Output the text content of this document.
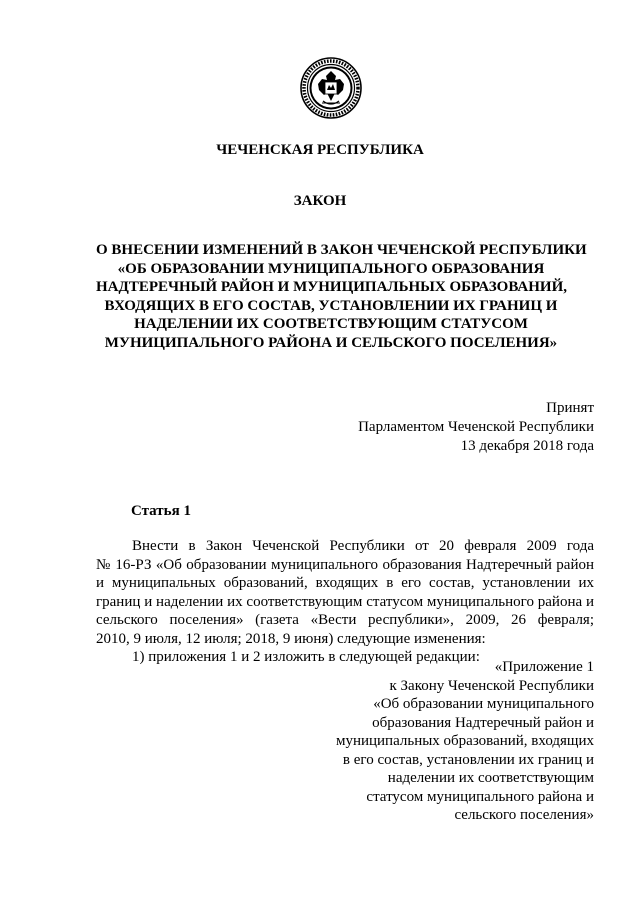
ЧЕЧЕНСКАЯ РЕСПУБЛИКА
ЗАКОН
О ВНЕСЕНИИ ИЗМЕНЕНИЙ В ЗАКОН ЧЕЧЕНСКОЙ РЕСПУБЛИКИ
«ОБ ОБРАЗОВАНИИ МУНИЦИПАЛЬНОГО ОБРАЗОВАНИЯ
НАДТЕРЕЧНЫЙ РАЙОН И МУНИЦИПАЛЬНЫХ ОБРАЗОВАНИЙ,
ВХОДЯЩИХ В ЕГО СОСТАВ, УСТАНОВЛЕНИИ ИХ ГРАНИЦ И
НАДЕЛЕНИИ ИХ СООТВЕТСТВУЮЩИМ СТАТУСОМ
МУНИЦИПАЛЬНОГО РАЙОНА И СЕЛЬСКОГО ПОСЕЛЕНИЯ»
Принят
Парламентом Чеченской Республики
13 декабря 2018 года
Статья 1
Внести в Закон Чеченской Республики от 20 февраля 2009 года
№ 16-РЗ «Об образовании муниципального образования Надтеречный район
и муниципальных образований, входящих в его состав, установлении их
границ и наделении их соответствующим статусом муниципального района и
сельского поселения» (газета «Вести республики», 2009, 26 февраля;
2010, 9 июля, 12 июля; 2018, 9 июня) следующие изменения:
1) приложения 1 и 2 изложить в следующей редакции:
«Приложение 1
к Закону Чеченской Республики
«Об образовании муниципального
образования Надтеречный район и
муниципальных образований, входящих
в его состав, установлении их границ и
наделении их соответствующим
статусом муниципального района и
сельского поселения»
